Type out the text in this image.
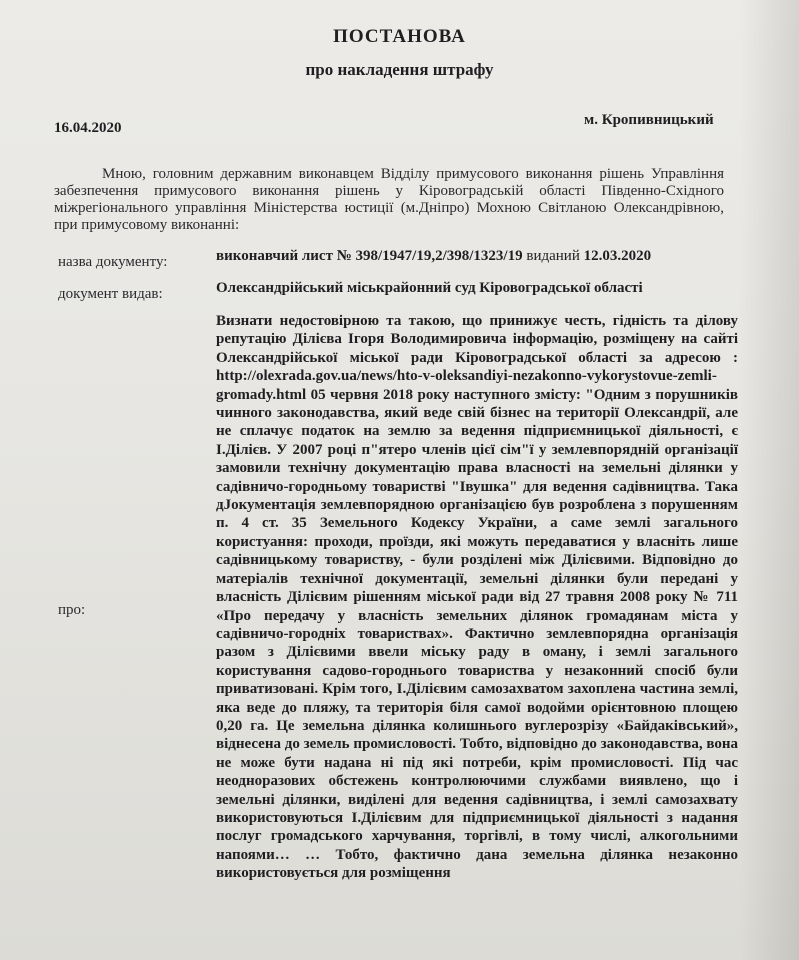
ПОСТАНОВА
про накладення штрафу
16.04.2020	м. Кропивницький
Мною, головним державним виконавцем Відділу примусового виконання рішень Управління забезпечення примусового виконання рішень у Кіровоградській області Південно-Східного міжрегіонального управління Міністерства юстиції (м.Дніпро) Мохною Світланою Олександрівною, при примусовому виконанні:
назва документу:	виконавчий лист № 398/1947/19,2/398/1323/19 виданий 12.03.2020
документ видав:	Олександрійський міськрайонний суд Кіровоградської області
про:
Визнати недостовірною та такою, що принижує честь, гідність та ділову репутацію Ділієва Ігоря Володимировича інформацію, розміщену на сайті Олександрійської міської ради Кіровоградської області за адресою : http://olexrada.gov.ua/news/hto-v-oleksandiyi-nezakonno-vykorystovue-zemli-gromady.html 05 червня 2018 року наступного змісту: "Одним з порушників чинного законодавства, який веде свій бізнес на території Олександрії, але не сплачує податок на землю за ведення підприємницької діяльності, є І.Ділієв. У 2007 році п"ятеро членів цієї сім"ї у землевпорядній організації замовили технічну документацію права власності на земельні ділянки у садівничо-городньому товаристві "Івушка" для ведення садівництва. Така дJокументація землевпорядною організацією був розроблена з порушенням п. 4 ст. 35 Земельного Кодексу України, а саме землі загального користуання: проходи, проїзди, які можуть передаватися у власніть лише садівницькому товариству, - були розділені між Ділієвими. Відповідно до матеріалів технічної документації, земельні ділянки були передані у власність Ділієвим рішенням міської ради від 27 травня 2008 року № 711 «Про передачу у власність земельних ділянок громадянам міста у садівничо-городніх товариствах». Фактично землевпорядна організація разом з Ділієвими ввели міську раду в оману, і землі загального користування садово-городнього товариства у незаконний спосіб були приватизовані. Крім того, І.Ділієвим самозахватом захоплена частина землі, яка веде до пляжу, та територія біля самої водойми орієнтовною площею 0,20 га. Це земельна ділянка колишнього вуглерозрізу «Байдаківський», віднесена до земель промисловості. Тобто, відповідно до законодавства, вона не може бути надана ні під які потреби, крім промисловості. Під час неодноразових обстежень контролюючими службами виявлено, що і земельні ділянки, виділені для ведення садівництва, і землі самозахвату використовуються І.Ділієвим для підприємницької діяльності з надання послуг громадського харчування, торгівлі, в тому числі, алкогольними напоями… … Тобто, фактично дана земельна ділянка незаконно використовується для розміщення
